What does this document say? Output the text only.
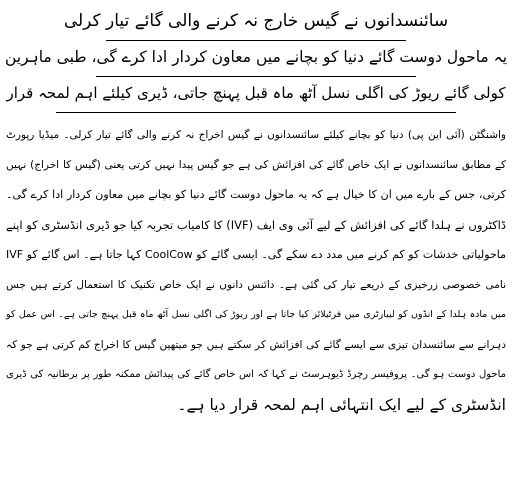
سائنسدانوں نے گیس خارج نہ کرنے والی گائے تیار کرلی
یہ ماحول دوست گائے دنیا کو بچانے میں معاون کردار ادا کرے گی، طبی ماہرین
کولی گائے ریوڑ کی اگلی نسل آٹھ ماہ قبل پہنچ جاتی، ڈیری کیلئے اہم لمحہ قرار
واشنگٹن (آئی این پی) دنیا کو بچانے کیلئے سائنسدانوں نے گیس اخراج نہ کرنے والی گائے تیار کرلی۔ میڈیا رپورٹ
کے مطابق سائنسدانوں نے ایک خاص گائے کی افزائش کی ہے جو گیس پیدا نہیں کرتی یعنی (گیس کا اخراج) نہیں
کرتی، جس کے بارے میں ان کا خیال ہے کہ یہ ماحول دوست گائے دنیا کو بچانے میں معاون کردار ادا کرے گی۔
ڈاکٹروں نے ہلدا گائے کی افزائش کے لیے آئی وی ایف (IVF) کا کامیاب تجربہ کیا جو ڈیری انڈسٹری کو اپنے
ماحولیاتی خدشات کو کم کرنے میں مدد دے سکے گی۔ ایسی گائے کو CoolCow کہا جاتا ہے۔ اس گائے کو IVF
نامی خصوصی زرخیزی کے ذریعے تیار کی گئی ہے۔ دائنس دانوں نے ایک خاص تکنیک کا استعمال کرتے ہیں جس
میں مادہ ہلدا کے انڈوں کو لیبارٹری میں فرٹیلائز کیا جاتا ہے اور ریوڑ کی اگلی نسل آٹھ ماہ قبل پہنچ جاتی ہے۔ اس عمل کو
دہرانے سے سائنسدان تیزی سے ایسے گائے کی افزائش کر سکتے ہیں جو میتھین گیس کا اخراج کم کرتی ہے جو کہ
ماحول دوست ہو گی۔ پروفیسر رچرڈ ڈیوہرسٹ نے کہا کہ اس خاص گائے کی پیدائش ممکنہ طور پر برطانیہ کی ڈیری
انڈسٹری کے لیے ایک انتہائی اہم لمحہ قرار دیا ہے۔
